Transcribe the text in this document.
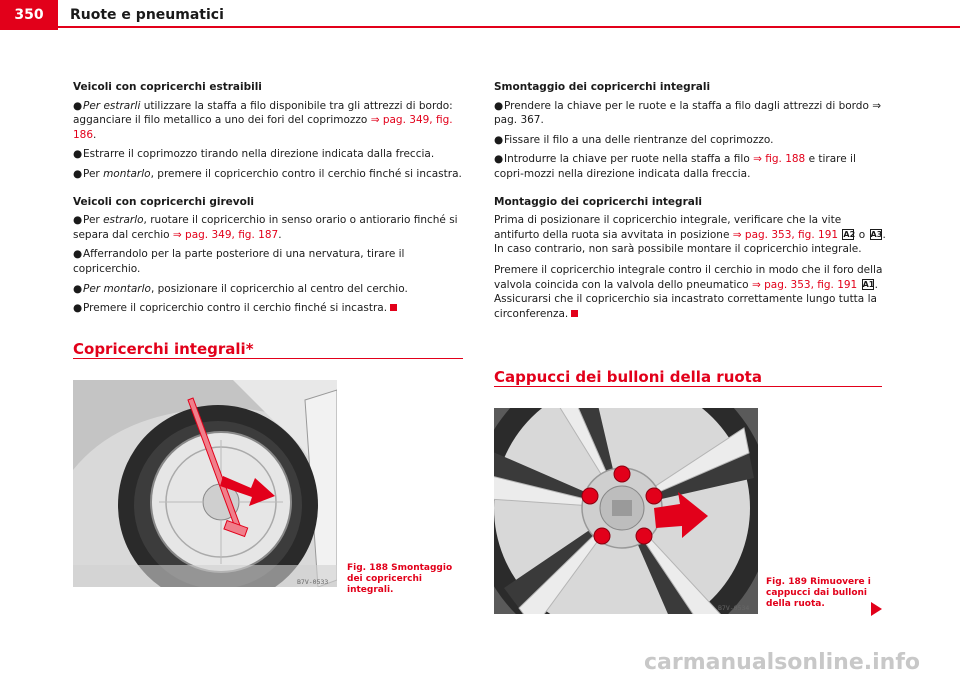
350	Ruote e pneumatici
Veicoli con copricerchi estraibili
●Per estrarli utilizzare la staffa a filo disponibile tra gli attrezzi di bordo: agganciare il filo metallico a uno dei fori del coprimozzo ⇒ pag. 349, fig. 186.
●Estrarre il coprimozzo tirando nella direzione indicata dalla freccia.
●Per montarlo, premere il copricerchio contro il cerchio finché si incastra.
Veicoli con copricerchi girevoli
●Per estrarlo, ruotare il copricerchio in senso orario o antiorario finché si separa dal cerchio ⇒ pag. 349, fig. 187.
●Afferrandolo per la parte posteriore di una nervatura, tirare il copricerchio.
●Per montarlo, posizionare il copricerchio al centro del cerchio.
●Premere il copricerchio contro il cerchio finché si incastra.
Copricerchi integrali*
B7V-0533
Fig. 188 Smontaggio dei copricerchi integrali.
Smontaggio dei copricerchi integrali
●Prendere la chiave per le ruote e la staffa a filo dagli attrezzi di bordo ⇒ pag. 367.
●Fissare il filo a una delle rientranze del coprimozzo.
●Introdurre la chiave per ruote nella staffa a filo ⇒ fig. 188 e tirare il copri-mozzi nella direzione indicata dalla freccia.
Montaggio dei copricerchi integrali
Prima di posizionare il copricerchio integrale, verificare che la vite antifurto della ruota sia avvitata in posizione ⇒ pag. 353, fig. 191 A2 o A3. In caso contrario, non sarà possibile montare il copricerchio integrale.
Premere il copricerchio integrale contro il cerchio in modo che il foro della valvola coincida con la valvola dello pneumatico ⇒ pag. 353, fig. 191 A1. Assicurarsi che il copricerchio sia incastrato correttamente lungo tutta la circonferenza.
Cappucci dei bulloni della ruota
B7V-0534
Fig. 189 Rimuovere i cappucci dai bulloni della ruota.
carmanualsonline.info
